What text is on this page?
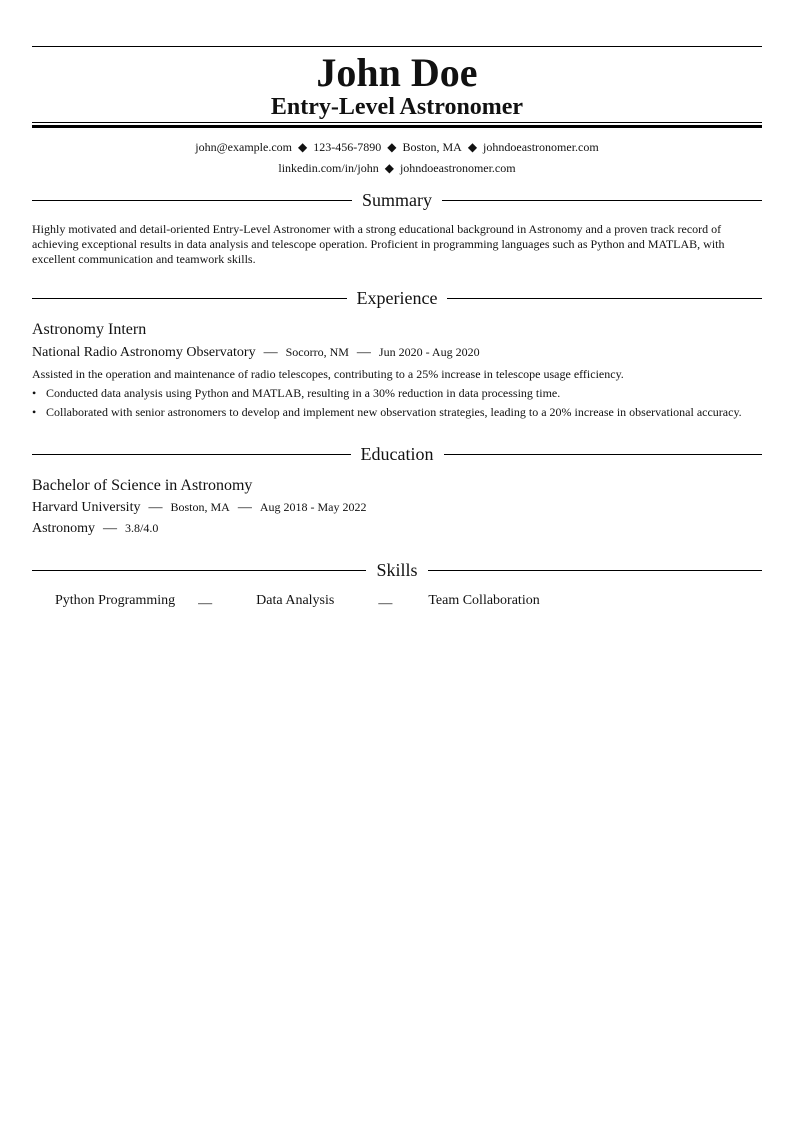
John Doe
Entry-Level Astronomer
john@example.com ◆ 123-456-7890 ◆ Boston, MA ◆ johndoeastronomer.com
linkedin.com/in/john ◆ johndoeastronomer.com
Summary
Highly motivated and detail-oriented Entry-Level Astronomer with a strong educational background in Astronomy and a proven track record of achieving exceptional results in data analysis and telescope operation. Proficient in programming languages such as Python and MATLAB, with excellent communication and teamwork skills.
Experience
Astronomy Intern
National Radio Astronomy Observatory — Socorro, NM — Jun 2020 - Aug 2020
Assisted in the operation and maintenance of radio telescopes, contributing to a 25% increase in telescope usage efficiency.
• Conducted data analysis using Python and MATLAB, resulting in a 30% reduction in data processing time.
• Collaborated with senior astronomers to develop and implement new observation strategies, leading to a 20% increase in observational accuracy.
Education
Bachelor of Science in Astronomy
Harvard University — Boston, MA — Aug 2018 - May 2022
Astronomy — 3.8/4.0
Skills
Python Programming —	Data Analysis	—	Team Collaboration
